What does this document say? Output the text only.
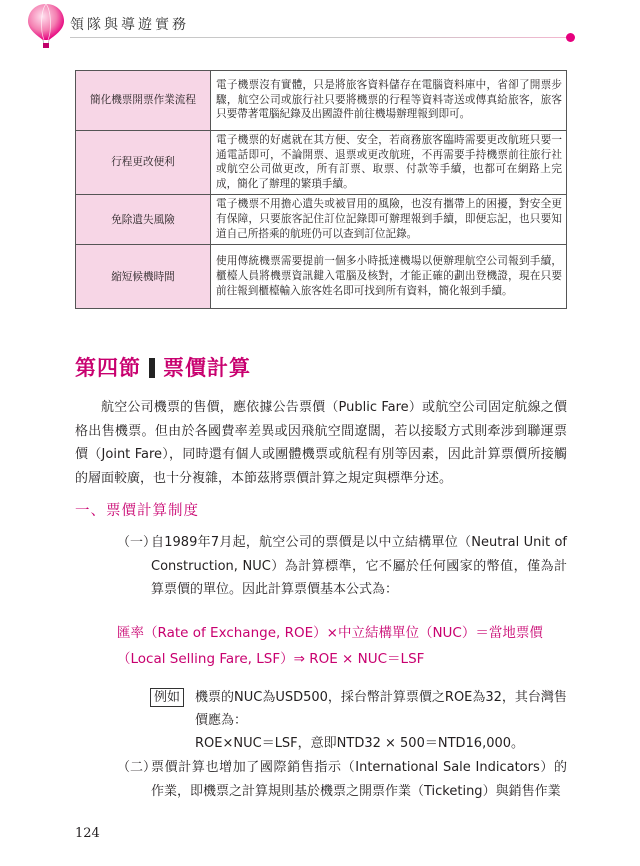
領隊與導遊實務
簡化機票開票作業流程	電子機票沒有實體，只是將旅客資料儲存在電腦資料庫中，省卻了開票步驟，航空公司或旅行社只要將機票的行程等資料寄送或傳真給旅客，旅客只要帶著電腦紀錄及出國證件前往機場辦理報到即可。
行程更改便利	電子機票的好處就在其方便、安全，若商務旅客臨時需要更改航班只要一通電話即可，不論開票、退票或更改航班，不再需要手持機票前往旅行社或航空公司做更改，所有訂票、取票、付款等手續，也都可在網路上完成，簡化了辦理的繁瑣手續。
免除遺失風險	電子機票不用擔心遺失或被冒用的風險，也沒有攜帶上的困擾，對安全更有保障，只要旅客記住訂位記錄即可辦理報到手續，即便忘記，也只要知道自己所搭乘的航班仍可以查到訂位記錄。
縮短候機時間	使用傳統機票需要提前一個多小時抵達機場以便辦理航空公司報到手續，櫃檯人員將機票資訊鍵入電腦及核對，才能正確的劃出登機證，現在只要前往報到櫃檯輸入旅客姓名即可找到所有資料，簡化報到手續。
第四節 票價計算
航空公司機票的售價，應依據公告票價（Public Fare）或航空公司固定航線之價格出售機票。但由於各國費率差異或因飛航空間遼闊，若以接駁方式則牽涉到聯運票價（Joint Fare），同時還有個人或團體機票或航程有別等因素，因此計算票價所接觸的層面較廣，也十分複雜，本節茲將票價計算之規定與標準分述。
一、票價計算制度
（一）
自1989年7月起，航空公司的票價是以中立結構單位（Neutral Unit of Construction, NUC）為計算標準，它不屬於任何國家的幣值，僅為計算票價的單位。因此計算票價基本公式為：
匯率（Rate of Exchange, ROE）×中立結構單位（NUC）＝當地票價
（Local Selling Fare, LSF）⇒ ROE × NUC＝LSF
例如	機票的NUC為USD500，採台幣計算票價之ROE為32，其台灣售價應為：
ROE×NUC＝LSF，意即NTD32 × 500＝NTD16,000。
（二）
票價計算也增加了國際銷售指示（International Sale Indicators）的作業，即機票之計算規則基於機票之開票作業（Ticketing）與銷售作業
124
